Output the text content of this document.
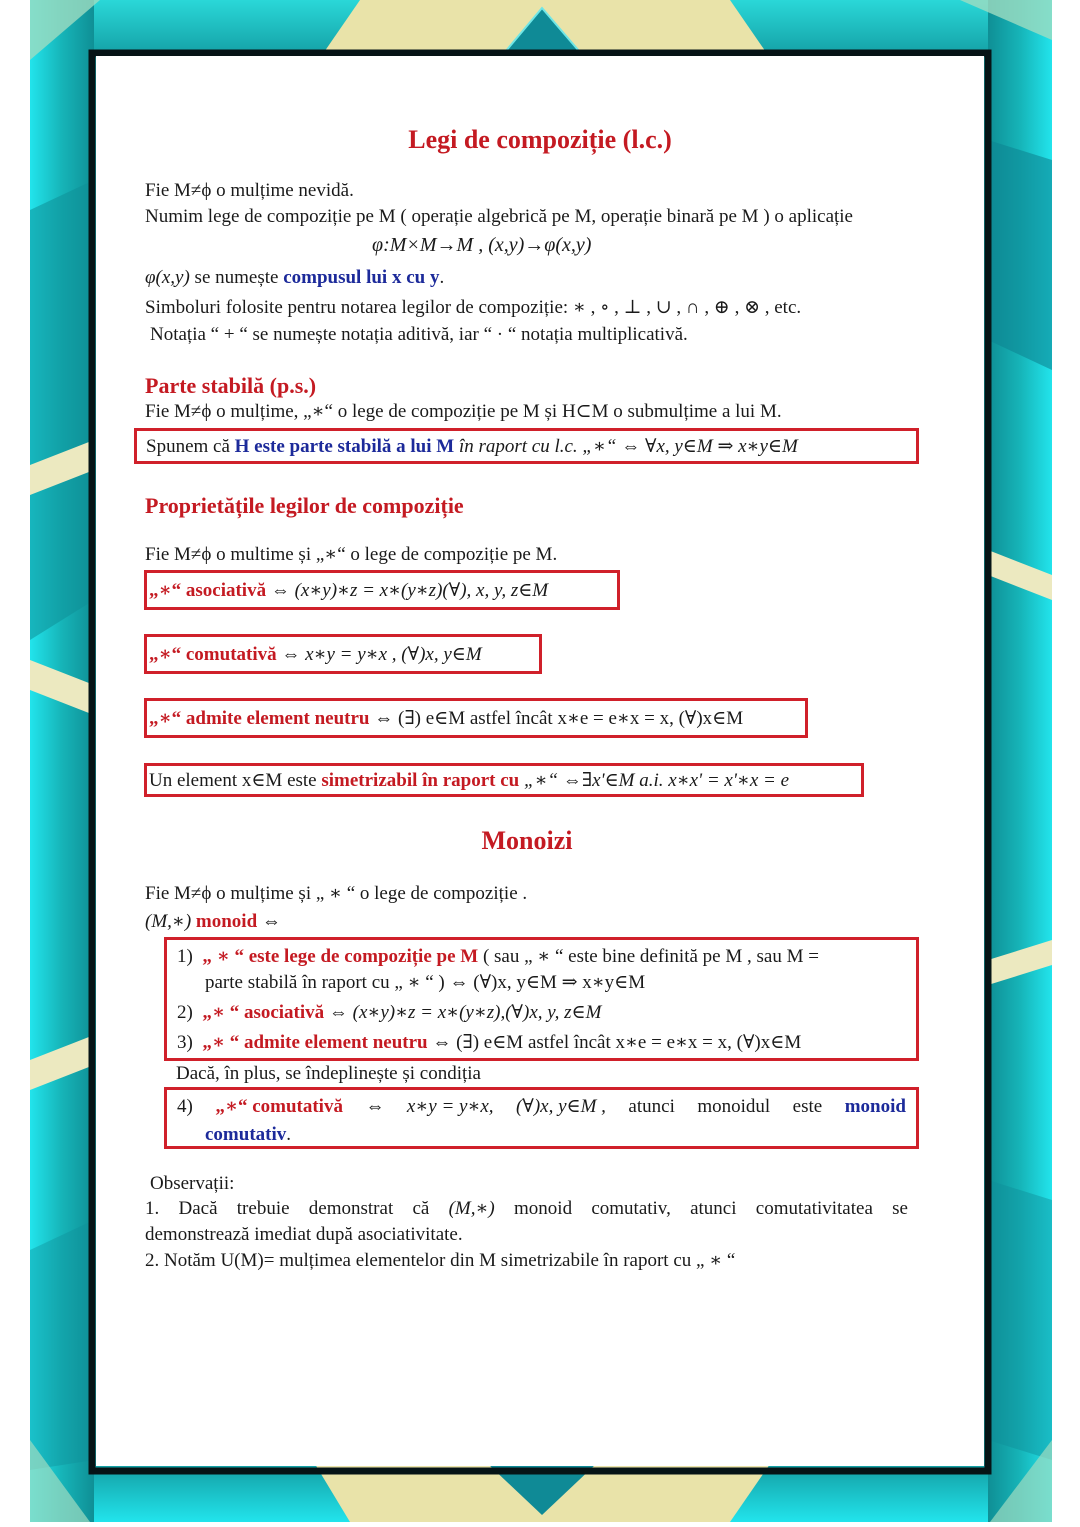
Legi de compoziție (l.c.)
Fie M≠ϕ o mulțime nevidă.
Numim lege de compoziție pe M ( operație algebrică pe M, operație binară pe M ) o aplicație
φ:M×M→M , (x,y)→φ(x,y)
φ(x,y) se numește compusul lui x cu y.
Simboluri folosite pentru notarea legilor de compoziție: ∗ , ∘ , ⊥ , ∪ , ∩ , ⊕ , ⊗ , etc.
Notația “ + “ se numește notația aditivă, iar “ · “ notația multiplicativă.
Parte stabilă (p.s.)
Fie M≠ϕ o mulțime, „∗“ o lege de compoziție pe M și H⊂M o submulțime a lui M.
Spunem că H este parte stabilă a lui M în raport cu l.c. „∗“ ⇔ ∀x, y∈M ⇒ x∗y∈M
Proprietățile legilor de compoziție
Fie M≠ϕ o multime și „∗“ o lege de compoziție pe M.
„∗“ asociativă ⇔ (x∗y)∗z = x∗(y∗z)(∀), x, y, z∈M
„∗“ comutativă ⇔ x∗y = y∗x , (∀)x, y∈M
„∗“ admite element neutru ⇔ (∃) e∈M astfel încât x∗e = e∗x = x, (∀)x∈M
Un element x∈M este simetrizabil în raport cu „∗“ ⇔∃x'∈M a.i. x∗x' = x'∗x = e
Monoizi
Fie M≠ϕ o mulțime și „ ∗ “ o lege de compoziție .
(M,∗) monoid ⇔
1) „ ∗ “ este lege de compoziție pe M ( sau „ ∗ “ este bine definită pe M , sau M =
parte stabilă în raport cu „ ∗ “ ) ⇔ (∀)x, y∈M ⇒ x∗y∈M
2) „∗ “ asociativă ⇔ (x∗y)∗z = x∗(y∗z),(∀)x, y, z∈M
3) „∗ “ admite element neutru ⇔ (∃) e∈M astfel încât x∗e = e∗x = x, (∀)x∈M
Dacă, în plus, se îndeplinește și condiția
4) „∗“ comutativă ⇔ x∗y = y∗x, (∀)x, y∈M , atunci monoidul este monoid
comutativ.
Observații:
1. Dacă trebuie demonstrat că (M,∗) monoid comutativ, atunci comutativitatea se
demonstrează imediat după asociativitate.
2. Notăm U(M)= mulțimea elementelor din M simetrizabile în raport cu „ ∗ “
